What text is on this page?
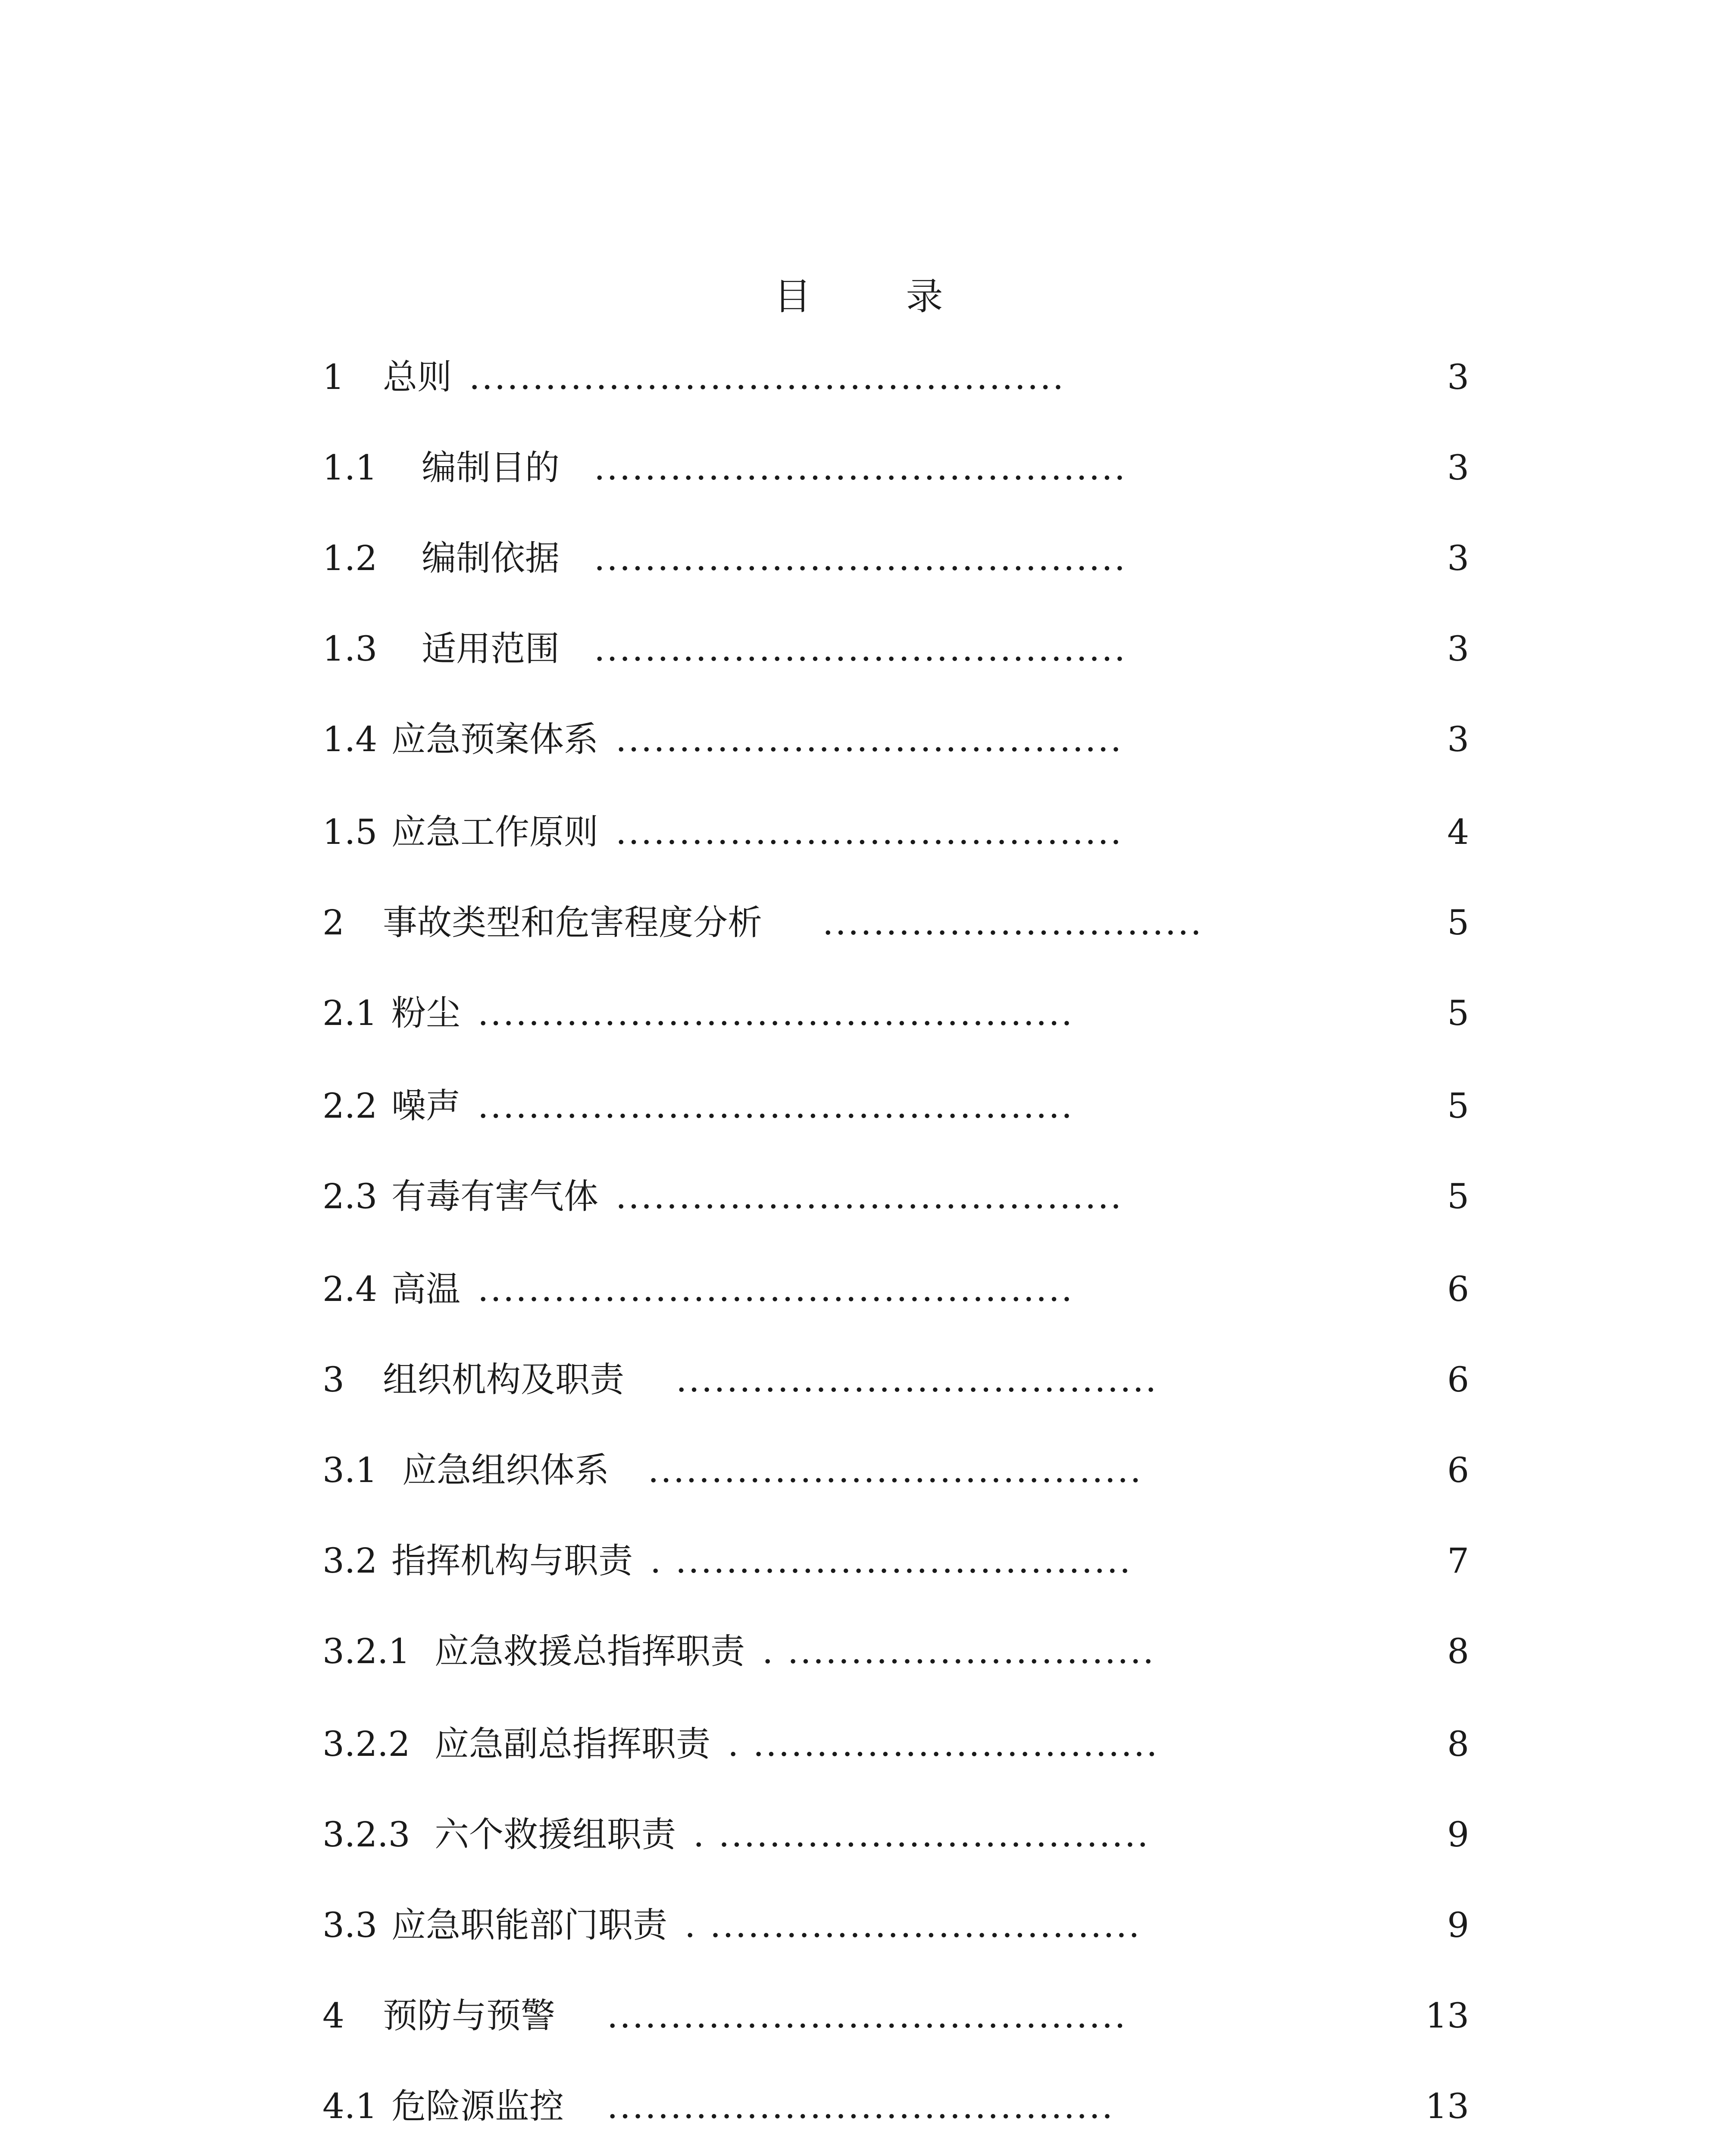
目录
1 总则 ...............................................	3
1.1 编制目的 ..........................................	3
1.2 编制依据 ..........................................	3
1.3 适用范围 ..........................................	3
1.4 应急预案体系 ........................................	3
1.5 应急工作原则 ........................................	4
2 事故类型和危害程度分析 ..............................	5
2.1 粉尘 ...............................................	5
2.2 噪声 ...............................................	5
2.3 有毒有害气体 ........................................	5
2.4 高温 ...............................................	6
3 组织机构及职责 ......................................	6
3.1 应急组织体系 .......................................	6
3.2 指挥机构与职责 . ....................................	7
3.2.1 应急救援总指挥职责 . .............................	8
3.2.2 应急副总指挥职责 . ................................	8
3.2.3 六个救援组职责 . ..................................	9
3.3 应急职能部门职责 . ..................................	9
4 预防与预警 .........................................	13
4.1 危险源监控 ........................................	13
